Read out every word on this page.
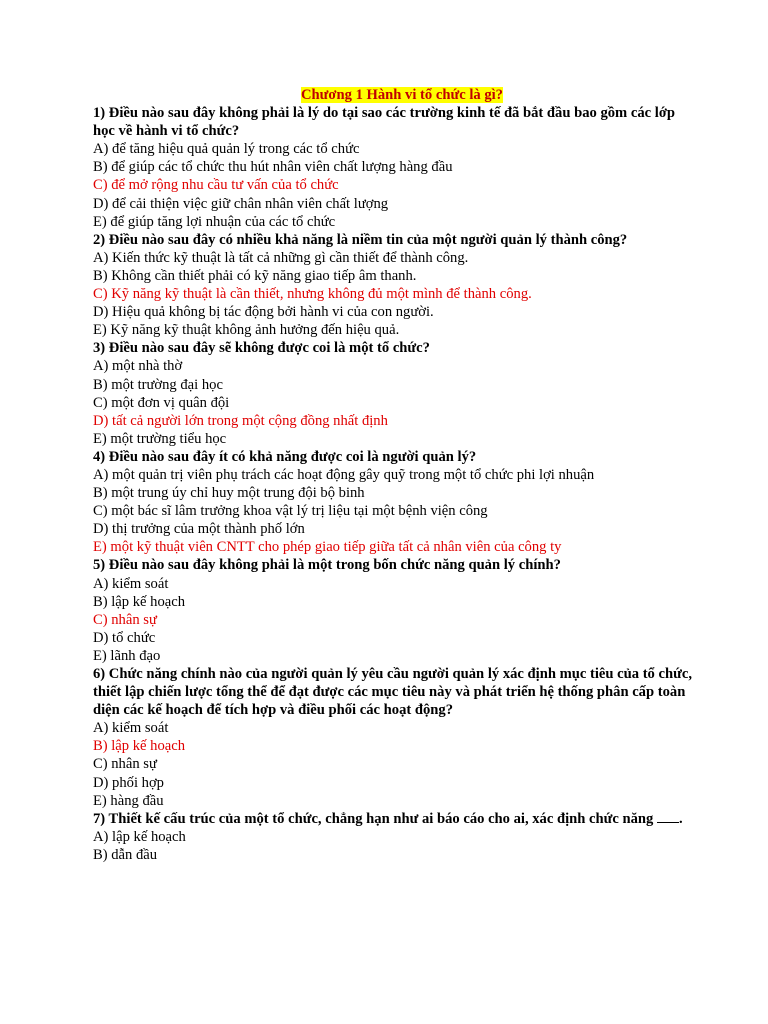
Chương 1 Hành vi tổ chức là gì?
1) Điều nào sau đây không phải là lý do tại sao các trường kinh tế đã bắt đầu bao gồm các lớp học về hành vi tổ chức?
A) để tăng hiệu quả quản lý trong các tổ chức
B) để giúp các tổ chức thu hút nhân viên chất lượng hàng đầu
C) để mở rộng nhu cầu tư vấn của tổ chức
D) để cải thiện việc giữ chân nhân viên chất lượng
E) để giúp tăng lợi nhuận của các tổ chức
2) Điều nào sau đây có nhiều khả năng là niềm tin của một người quản lý thành công?
A) Kiến thức kỹ thuật là tất cả những gì cần thiết để thành công.
B) Không cần thiết phải có kỹ năng giao tiếp âm thanh.
C) Kỹ năng kỹ thuật là cần thiết, nhưng không đủ một mình để thành công.
D) Hiệu quả không bị tác động bởi hành vi của con người.
E) Kỹ năng kỹ thuật không ảnh hưởng đến hiệu quả.
3) Điều nào sau đây sẽ không được coi là một tổ chức?
A) một nhà thờ
B) một trường đại học
C) một đơn vị quân đội
D) tất cả người lớn trong một cộng đồng nhất định
E) một trường tiểu học
4) Điều nào sau đây ít có khả năng được coi là người quản lý?
A) một quản trị viên phụ trách các hoạt động gây quỹ trong một tổ chức phi lợi nhuận
B) một trung úy chỉ huy một trung đội bộ binh
C) một bác sĩ lâm trưởng khoa vật lý trị liệu tại một bệnh viện công
D) thị trưởng của một thành phố lớn
E) một kỹ thuật viên CNTT cho phép giao tiếp giữa tất cả nhân viên của công ty
5) Điều nào sau đây không phải là một trong bốn chức năng quản lý chính?
A) kiểm soát
B) lập kế hoạch
C) nhân sự
D) tổ chức
E) lãnh đạo
6) Chức năng chính nào của người quản lý yêu cầu người quản lý xác định mục tiêu của tổ chức, thiết lập chiến lược tổng thể để đạt được các mục tiêu này và phát triển hệ thống phân cấp toàn diện các kế hoạch để tích hợp và điều phối các hoạt động?
A) kiểm soát
B) lập kế hoạch
C) nhân sự
D) phối hợp
E) hàng đầu
7) Thiết kế cấu trúc của một tổ chức, chẳng hạn như ai báo cáo cho ai, xác định chức năng .
A) lập kế hoạch
B) dẫn đầu
